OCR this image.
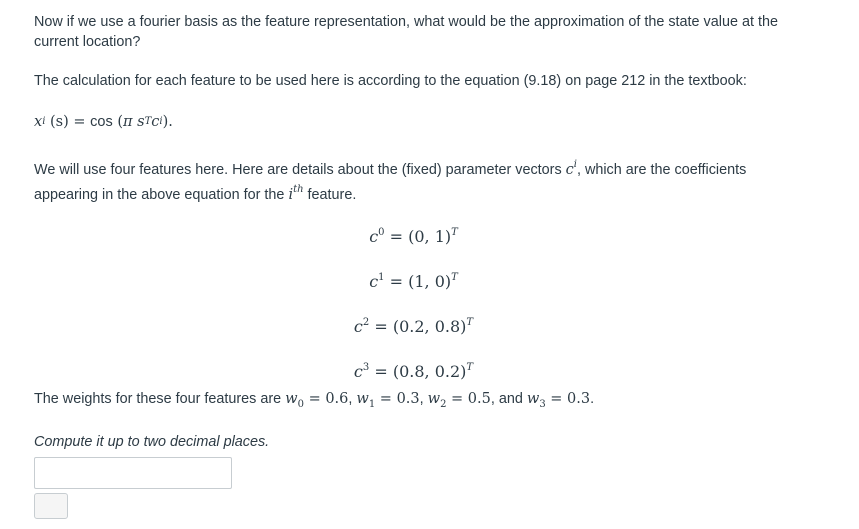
Now if we use a fourier basis as the feature representation, what would be the approximation of the state value at the current location?

The calculation for each feature to be used here is according to the equation (9.18) on page 212 in the textbook:

x i
(s)
=
cos
( π
s T c i ).

We will use four features here. Here are details about the (fixed) parameter vectors $c^i$, which are the coefficients appearing in the above equation for the $i^{th}$ feature.

$c^0 = (0$, 1)$^T$
$c^1 = (1$, 0)$^T$
$c^2 = (0.2$, 0.8)$^T$
$c^3 = (0.8$, 0.2)$^T$

The weights for these four features are $w_0 = 0.6$, $w_1 = 0.3$, $w_2 = 0.5$, and $w_3 = 0.3$.

Compute it up to two decimal places.
